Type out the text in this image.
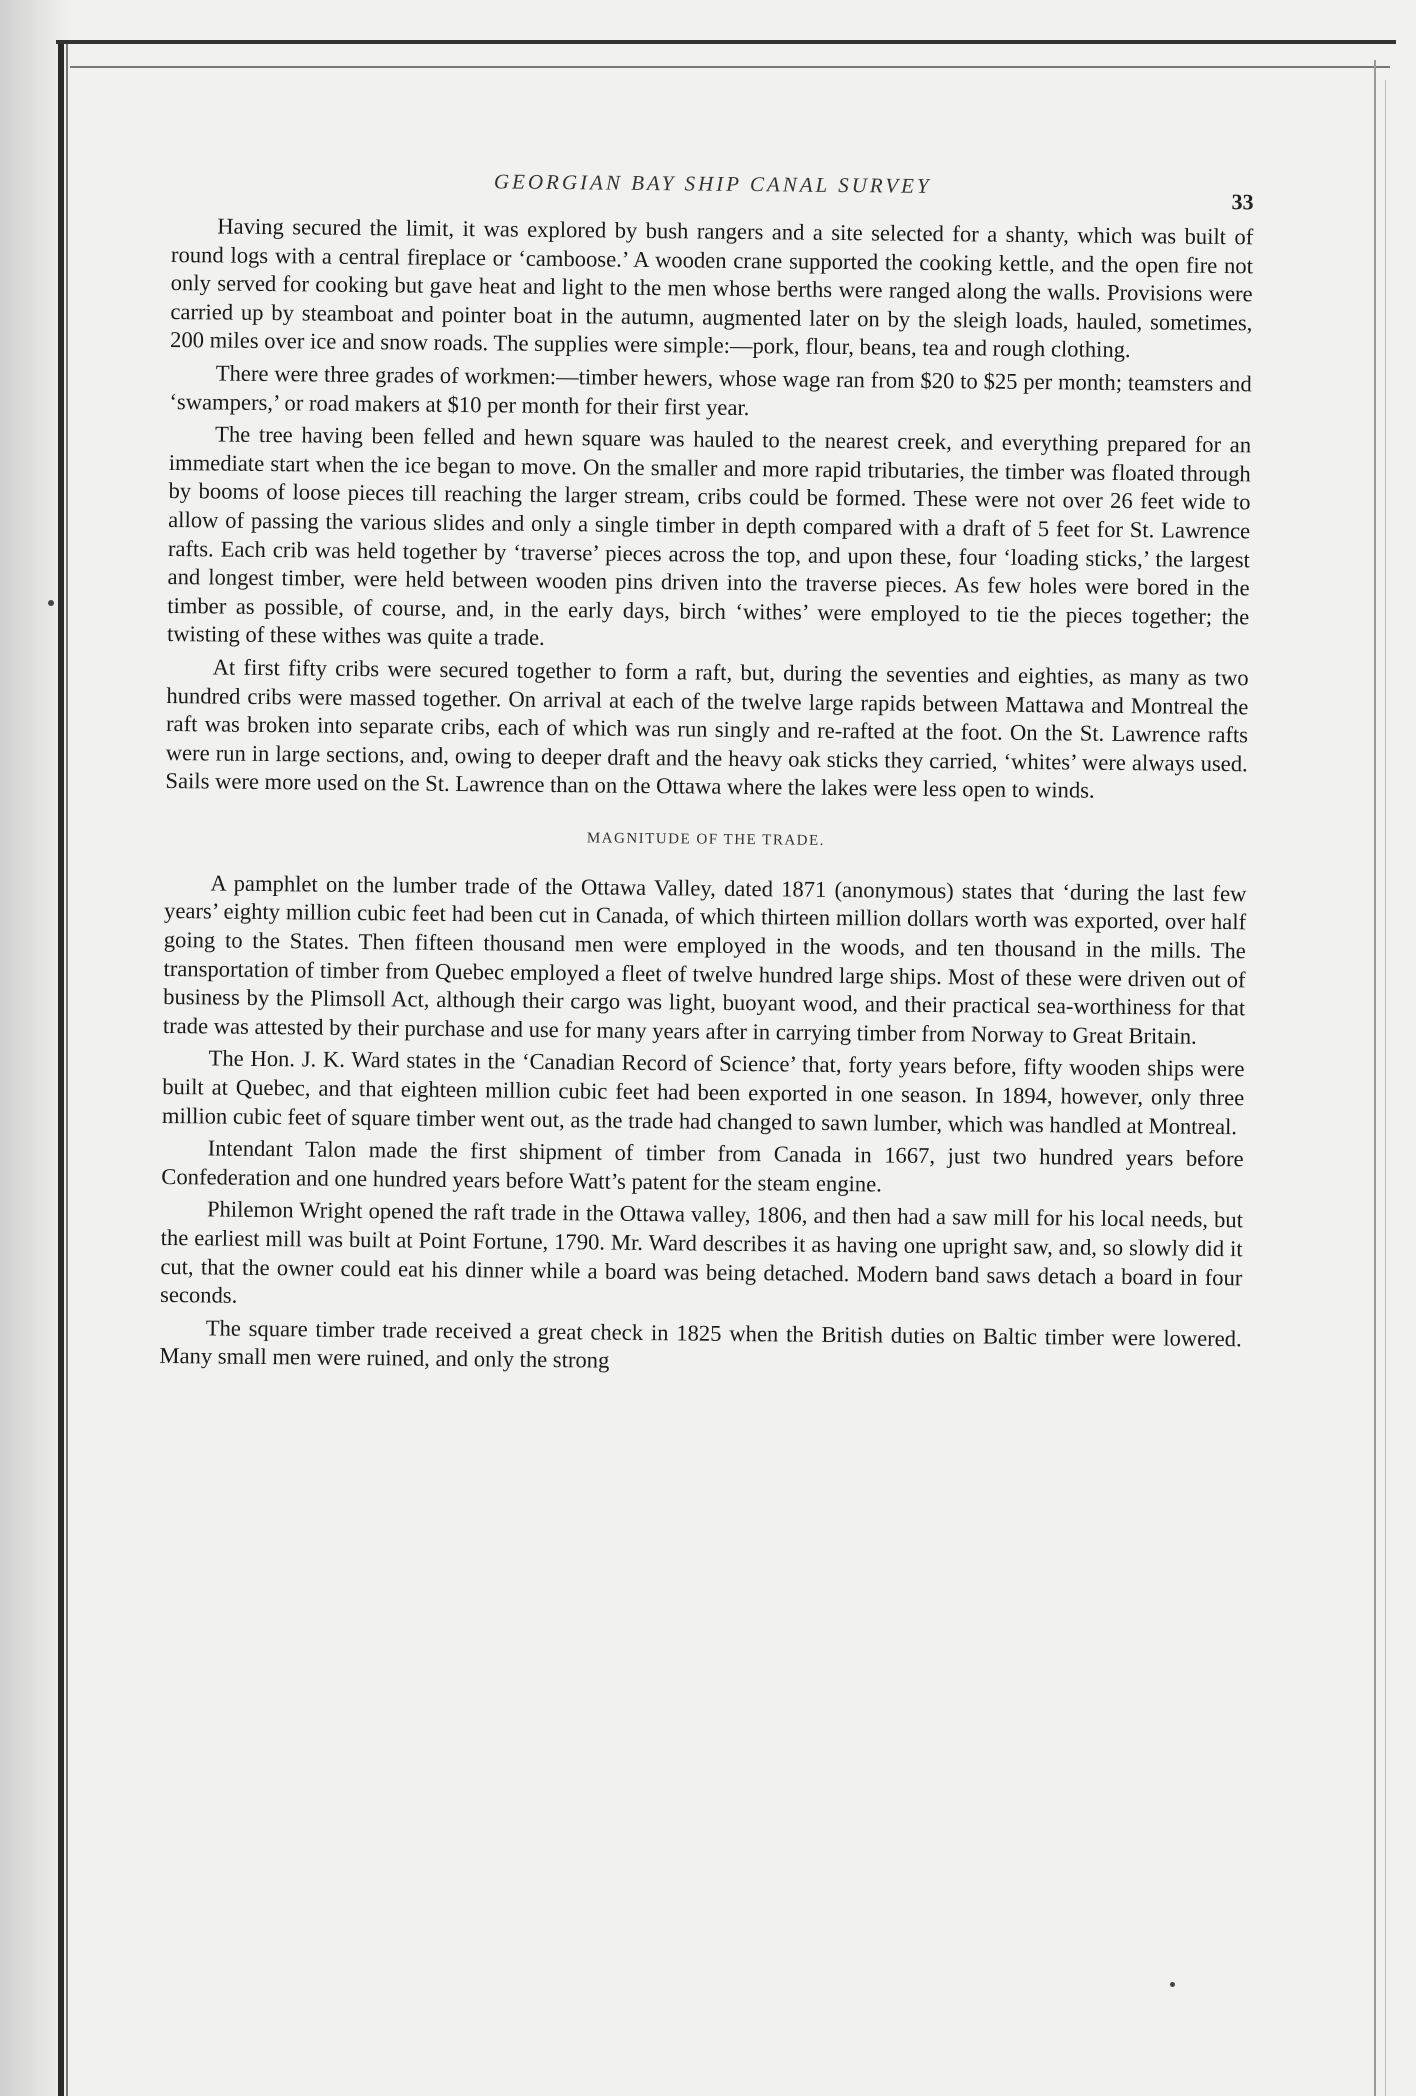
GEORGIAN BAY SHIP CANAL SURVEY
33

Having secured the limit, it was explored by bush rangers and a site selected for a shanty, which was built of round logs with a central fireplace or ‘camboose.’ A wooden crane supported the cooking kettle, and the open fire not only served for cooking but gave heat and light to the men whose berths were ranged along the walls. Provisions were carried up by steamboat and pointer boat in the autumn, augmented later on by the sleigh loads, hauled, sometimes, 200 miles over ice and snow roads. The supplies were simple:—pork, flour, beans, tea and rough clothing.

There were three grades of workmen:—timber hewers, whose wage ran from $20 to $25 per month; teamsters and ‘swampers,’ or road makers at $10 per month for their first year.

The tree having been felled and hewn square was hauled to the nearest creek, and everything prepared for an immediate start when the ice began to move. On the smaller and more rapid tributaries, the timber was floated through by booms of loose pieces till reaching the larger stream, cribs could be formed. These were not over 26 feet wide to allow of passing the various slides and only a single timber in depth compared with a draft of 5 feet for St. Lawrence rafts. Each crib was held together by ‘traverse’ pieces across the top, and upon these, four ‘loading sticks,’ the largest and longest timber, were held between wooden pins driven into the traverse pieces. As few holes were bored in the timber as possible, of course, and, in the early days, birch ‘withes’ were employed to tie the pieces together; the twisting of these withes was quite a trade.

At first fifty cribs were secured together to form a raft, but, during the seventies and eighties, as many as two hundred cribs were massed together. On arrival at each of the twelve large rapids between Mattawa and Montreal the raft was broken into separate cribs, each of which was run singly and re-rafted at the foot. On the St. Lawrence rafts were run in large sections, and, owing to deeper draft and the heavy oak sticks they carried, ‘whites’ were always used. Sails were more used on the St. Lawrence than on the Ottawa where the lakes were less open to winds.

MAGNITUDE OF THE TRADE.

A pamphlet on the lumber trade of the Ottawa Valley, dated 1871 (anonymous) states that ‘during the last few years’ eighty million cubic feet had been cut in Canada, of which thirteen million dollars worth was exported, over half going to the States. Then fifteen thousand men were employed in the woods, and ten thousand in the mills. The transportation of timber from Quebec employed a fleet of twelve hundred large ships. Most of these were driven out of business by the Plimsoll Act, although their cargo was light, buoyant wood, and their practical sea-worthiness for that trade was attested by their purchase and use for many years after in carrying timber from Norway to Great Britain.

The Hon. J. K. Ward states in the ‘Canadian Record of Science’ that, forty years before, fifty wooden ships were built at Quebec, and that eighteen million cubic feet had been exported in one season. In 1894, however, only three million cubic feet of square timber went out, as the trade had changed to sawn lumber, which was handled at Montreal.

Intendant Talon made the first shipment of timber from Canada in 1667, just two hundred years before Confederation and one hundred years before Watt’s patent for the steam engine.

Philemon Wright opened the raft trade in the Ottawa valley, 1806, and then had a saw mill for his local needs, but the earliest mill was built at Point Fortune, 1790. Mr. Ward describes it as having one upright saw, and, so slowly did it cut, that the owner could eat his dinner while a board was being detached. Modern band saws detach a board in four seconds.

The square timber trade received a great check in 1825 when the British duties on Baltic timber were lowered. Many small men were ruined, and only the strong
